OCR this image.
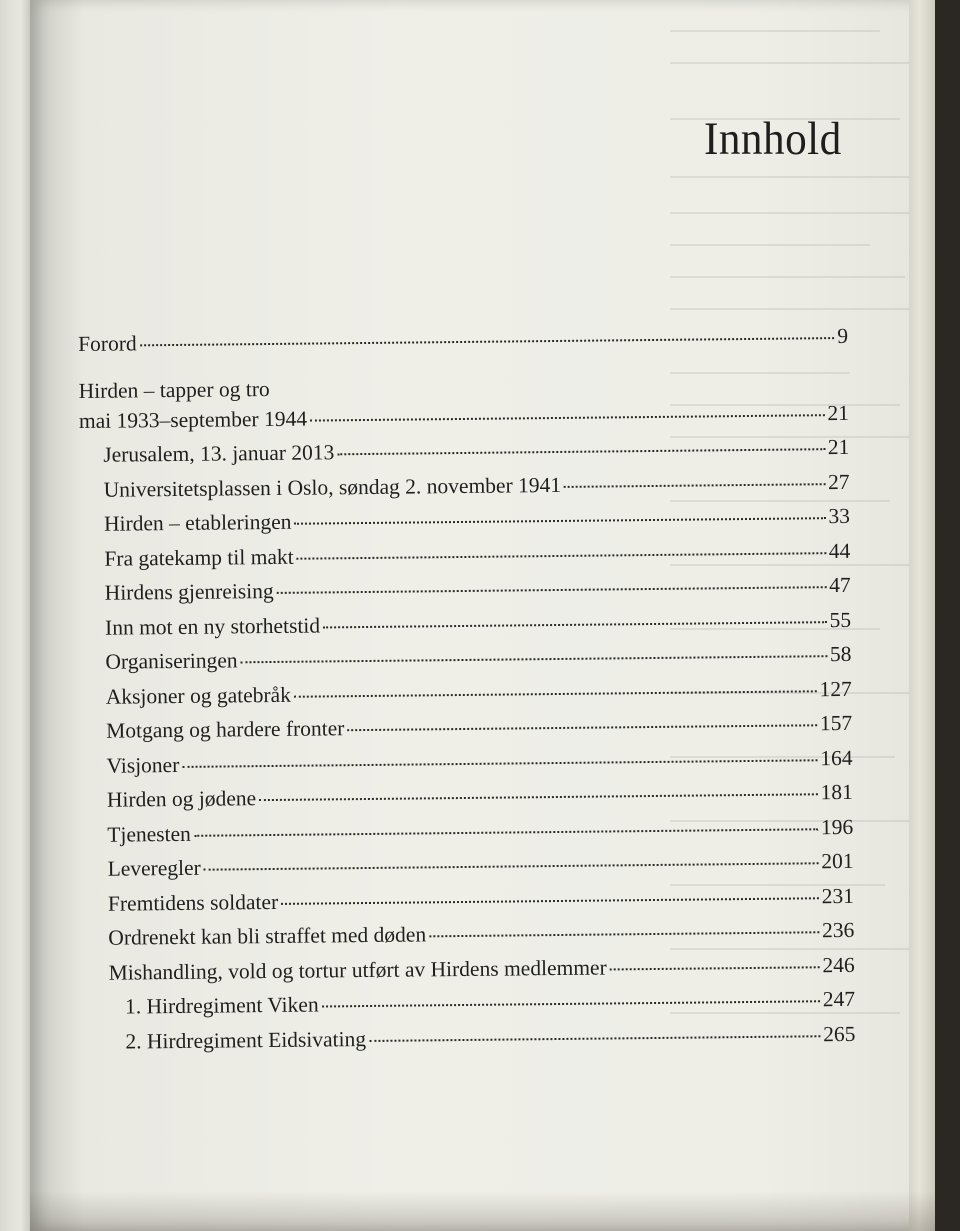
Innhold
Forord	9
Hirden – tapper og tro
mai 1933–september 1944	21
Jerusalem, 13. januar 2013	21
Universitetsplassen i Oslo, søndag 2. november 1941	27
Hirden – etableringen	33
Fra gatekamp til makt	44
Hirdens gjenreising	47
Inn mot en ny storhetstid	55
Organiseringen	58
Aksjoner og gatebråk	127
Motgang og hardere fronter	157
Visjoner	164
Hirden og jødene	181
Tjenesten	196
Leveregler	201
Fremtidens soldater	231
Ordrenekt kan bli straffet med døden	236
Mishandling, vold og tortur utført av Hirdens medlemmer	246
1. Hirdregiment Viken	247
2. Hirdregiment Eidsivating	265
